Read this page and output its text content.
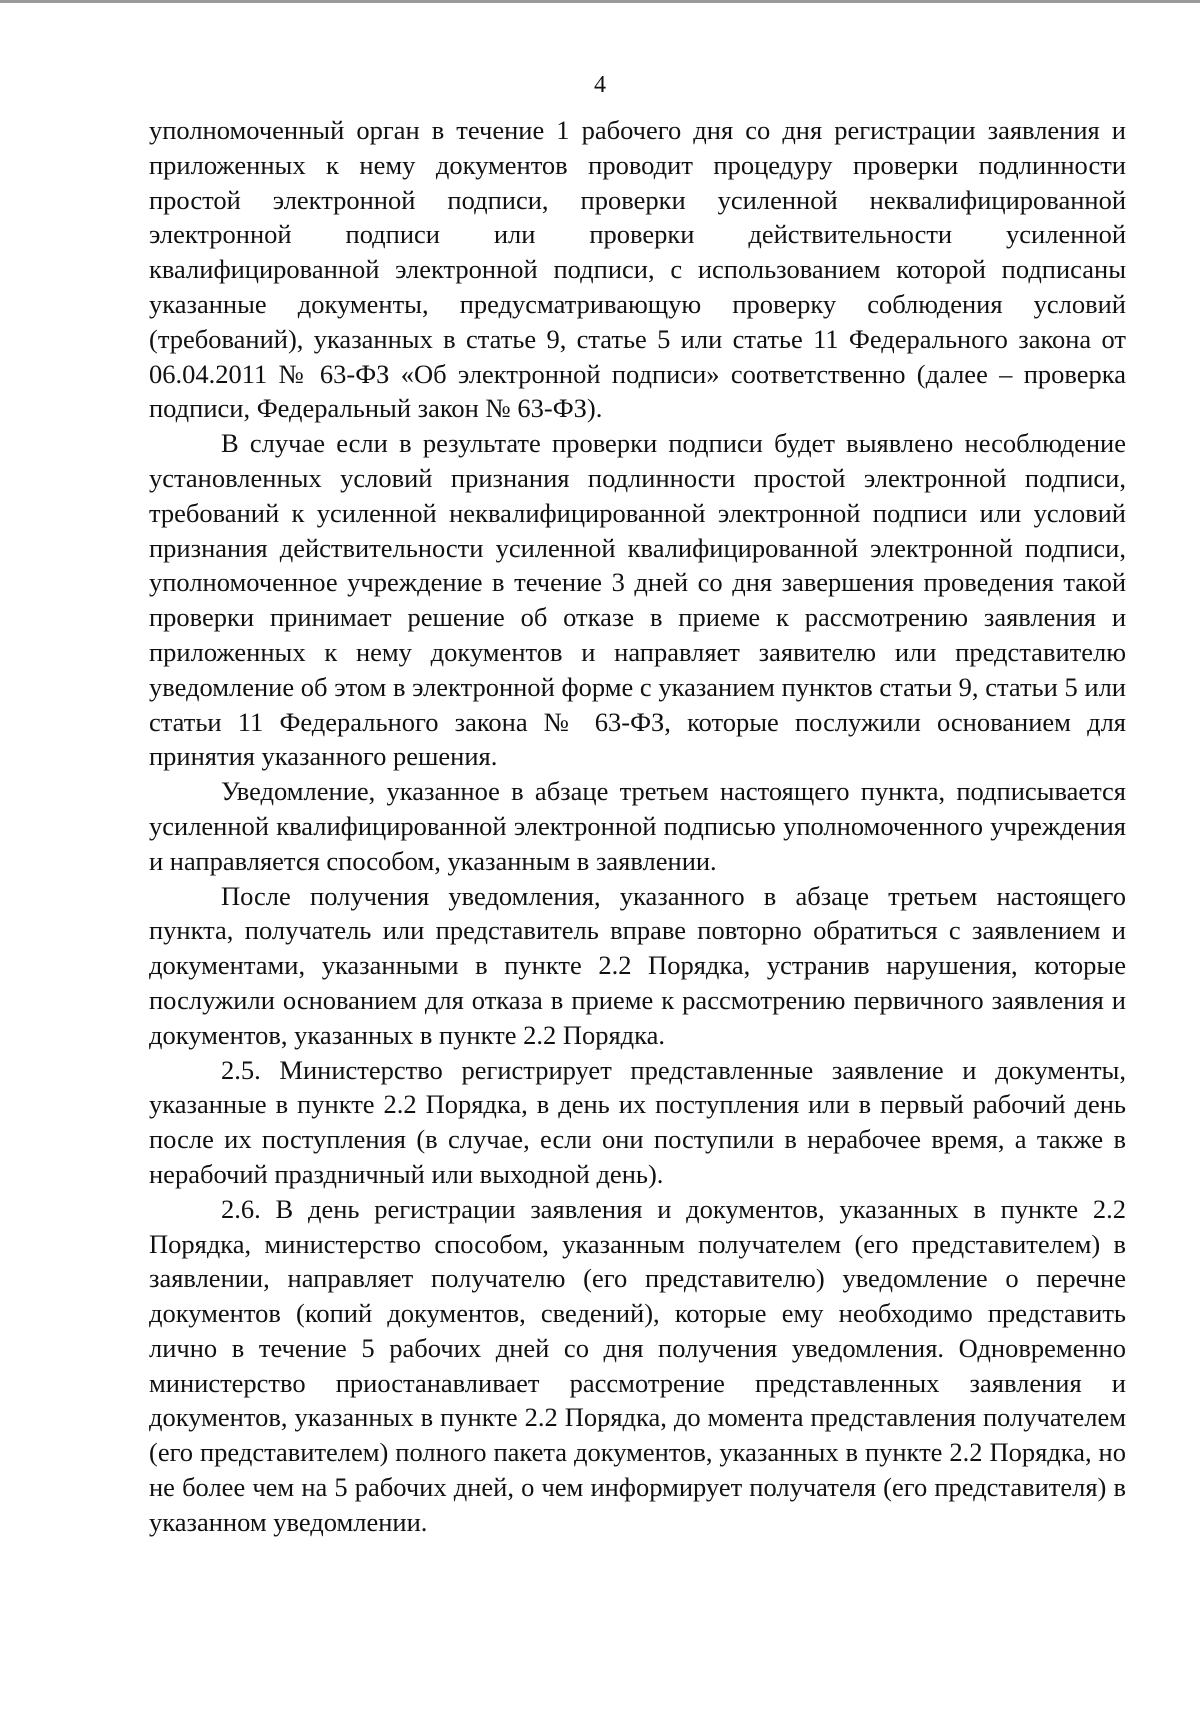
4

уполномоченный орган в течение 1 рабочего дня со дня регистрации заявления и приложенных к нему документов проводит процедуру проверки подлинности простой электронной подписи, проверки усиленной неквалифицированной электронной подписи или проверки действительности усиленной квалифицированной электронной подписи, с использованием которой подписаны указанные документы, предусматривающую проверку соблюдения условий (требований), указанных в статье 9, статье 5 или статье 11 Федерального закона от 06.04.2011 № 63-ФЗ «Об электронной подписи» соответственно (далее – проверка подписи, Федеральный закон № 63-ФЗ).

В случае если в результате проверки подписи будет выявлено несоблюдение установленных условий признания подлинности простой электронной подписи, требований к усиленной неквалифицированной электронной подписи или условий признания действительности усиленной квалифицированной электронной подписи, уполномоченное учреждение в течение 3 дней со дня завершения проведения такой проверки принимает решение об отказе в приеме к рассмотрению заявления и приложенных к нему документов и направляет заявителю или представителю уведомление об этом в электронной форме с указанием пунктов статьи 9, статьи 5 или статьи 11 Федерального закона № 63-ФЗ, которые послужили основанием для принятия указанного решения.

Уведомление, указанное в абзаце третьем настоящего пункта, подписывается усиленной квалифицированной электронной подписью уполномоченного учреждения и направляется способом, указанным в заявлении.

После получения уведомления, указанного в абзаце третьем настоящего пункта, получатель или представитель вправе повторно обратиться с заявлением и документами, указанными в пункте 2.2 Порядка, устранив нарушения, которые послужили основанием для отказа в приеме к рассмотрению первичного заявления и документов, указанных в пункте 2.2 Порядка.

2.5. Министерство регистрирует представленные заявление и документы, указанные в пункте 2.2 Порядка, в день их поступления или в первый рабочий день после их поступления (в случае, если они поступили в нерабочее время, а также в нерабочий праздничный или выходной день).

2.6. В день регистрации заявления и документов, указанных в пункте 2.2 Порядка, министерство способом, указанным получателем (его представителем) в заявлении, направляет получателю (его представителю) уведомление о перечне документов (копий документов, сведений), которые ему необходимо представить лично в течение 5 рабочих дней со дня получения уведомления. Одновременно министерство приостанавливает рассмотрение представленных заявления и документов, указанных в пункте 2.2 Порядка, до момента представления получателем (его представителем) полного пакета документов, указанных в пункте 2.2 Порядка, но не более чем на 5 рабочих дней, о чем информирует получателя (его представителя) в указанном уведомлении.
